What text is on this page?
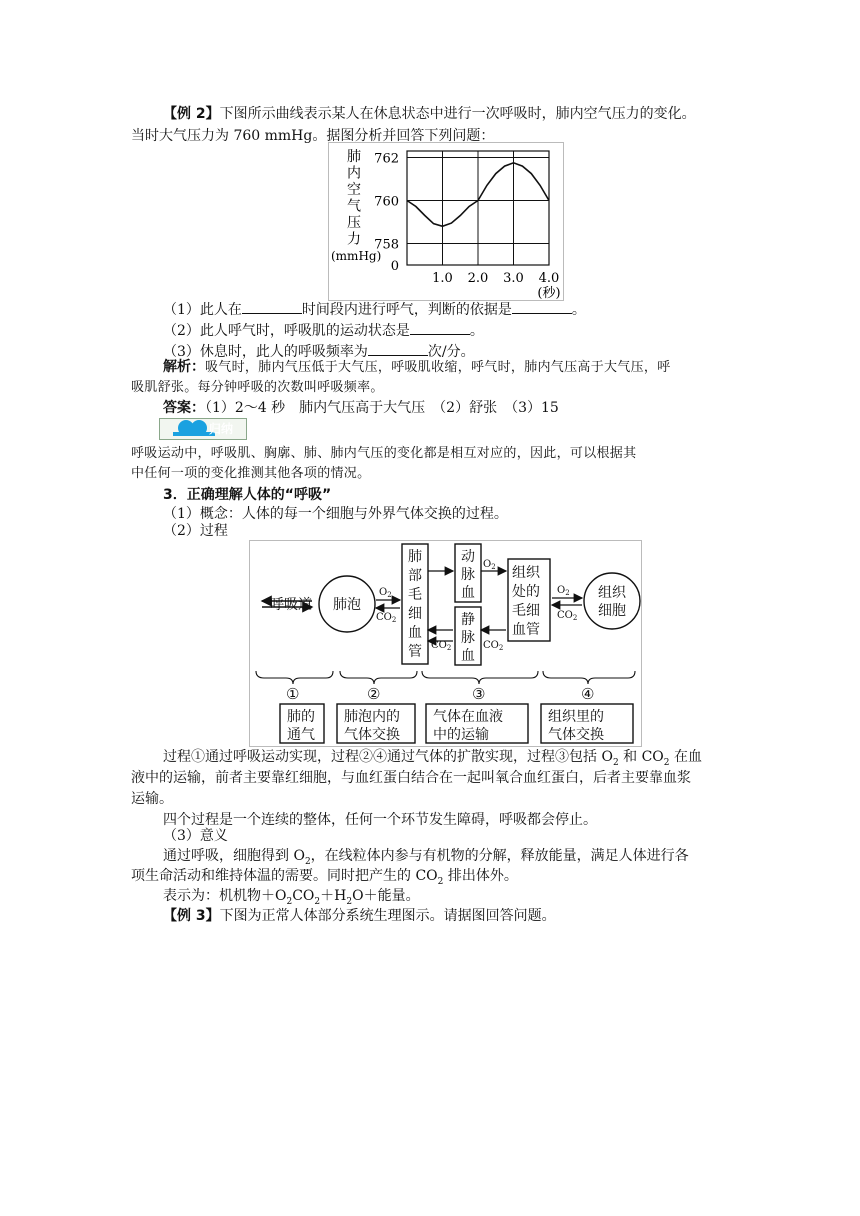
【例 2】下图所示曲线表示某人在休息状态中进行一次呼吸时，肺内空气压力的变化。
当时大气压力为 760 mmHg。据图分析并回答下列问题：
762
760
758
0
1.0 2.0 3.0 4.0
(秒)
肺
内
空
气
压
力
(mmHg)
（1）此人在	时间段内进行呼气，判断的依据是	。
（2）此人呼气时，呼吸肌的运动状态是	。
（3）休息时，此人的呼吸频率为	次/分。
解析：吸气时，肺内气压低于大气压，呼吸肌收缩，呼气时，肺内气压高于大气压，呼
吸肌舒张。每分钟呼吸的次数叫呼吸频率。
答案：（1）2～4 秒　肺内气压高于大气压　（2）舒张　（3）15
归纳
呼吸运动中，呼吸肌、胸廓、肺、肺内气压的变化都是相互对应的，因此，可以根据其
中任何一项的变化推测其他各项的情况。
3．正确理解人体的“呼吸”
（1）概念：人体的每一个细胞与外界气体交换的过程。
（2）过程
呼吸道 肺泡
$O_2$
$CO_2$
肺
部
毛
细
血
管
动
脉
血
静
脉
血
$O_2$
$CO_2$	$CO_2$
组织
处的
毛细
血管
$O_2$
$CO_2$
组织
细胞
①	②	③	④
肺的
通气
肺泡内的
气体交换
气体在血液
中的运输
组织里的
气体交换
过程①通过呼吸运动实现，过程②④通过气体的扩散实现，过程③包括 $O_2$ 和 $CO_2$ 在血
液中的运输，前者主要靠红细胞，与血红蛋白结合在一起叫氧合血红蛋白，后者主要靠血浆
运输。
四个过程是一个连续的整体，任何一个环节发生障碍，呼吸都会停止。
（3）意义
通过呼吸，细胞得到 $O_2$，在线粒体内参与有机物的分解，释放能量，满足人体进行各
项生命活动和维持体温的需要。同时把产生的 $CO_2$ 排出体外。
表示为：机机物$+O_2CO_2+H_2O+$能量。
【例 3】下图为正常人体部分系统生理图示。请据图回答问题。
